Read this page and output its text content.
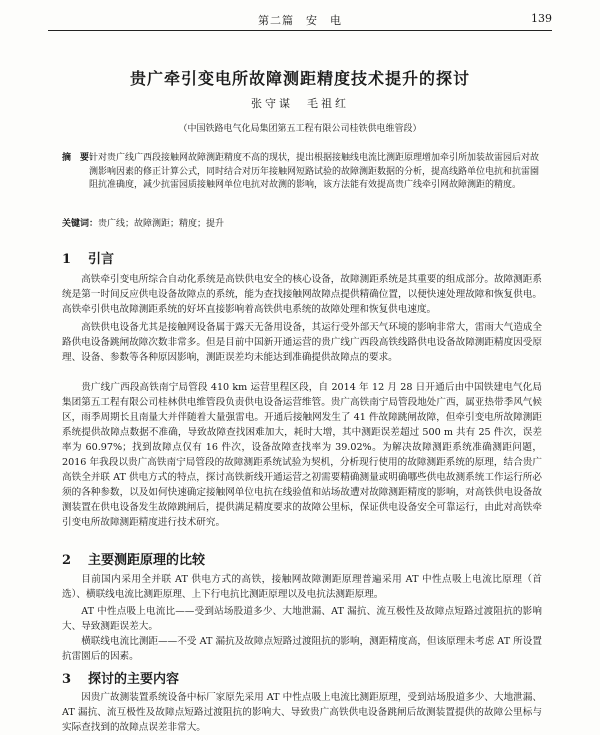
第二篇　安　电	139
贵广牵引变电所故障测距精度技术提升的探讨
张守谋　毛祖红
（中国铁路电气化局集团第五工程有限公司桂铁供电维管段）
摘　要：
针对贵广线广西段接触网故障测距精度不高的现状，提出根据接触线电流比测距原理增加牵引所加装故雷园后对故测影响因素的修正计算公式，同时结合对历年接触网短路试验的故障测距数据的分析，提高线路单位电抗和抗雷園阻抗准确度，减少抗雷园质接触网单位电抗对故测的影响，该方法能有效提高贵广线牵引网故障测距的精度。
关键词：贵广线；故障测距；精度；提升
1 引言
高铁牵引变电所综合自动化系统是高铁供电安全的核心设备，故障测距系统是其重要的组成部分。故障测距系统是第一时间反应供电设备故障点的系统，能为查找接触网故障点提供精确位置，以便快速处理故障和恢复供电。高铁牵引供电故障测距系统的好坏直接影响着高铁供电系统的故障处理和恢复供电速度。
高铁供电设备尤其是接触网设备属于露天无备用设备，其运行受外部天气环境的影响非常大，雷雨大气造成全路供电设备跳闸故障次数非常多。但是目前中国新开通运营的贵广线广西段高铁线路供电设备故障测距精度因受原理、设备、参数等各种原因影响，测距误差均未能达到准确提供故障点的要求。
贵广线广西段高铁南宁局管段 410 km 运营里程区段，自 2014 年 12 月 28 日开通后由中国铁建电气化局集团第五工程有限公司桂林供电维管段负责供电设备运营维管。贵广高铁南宁局管段地处广西，属亚热带季风气候区，雨季周期长且南量大并伴随着大量强雷电。开通后接触网发生了 41 件故障跳闸故障，但牵引变电所故障测距系统提供故障点数据不准确，导致故障查找困难加大，耗时大增，其中测距误差超过 500 m 共有 25 件次，误差率为 60.97%；找到故障点仅有 16 件次，设备故障查找率为 39.02%。为解决故障测距系统准确测距问题，2016 年我段以贵广高铁南宁局管段的故障测距系统试验为契机，分析现行使用的故障测距系统的原理，结合贵广高铁全并联 AT 供电方式的特点，探讨高铁新线开通运营之初需要精确测量或明确哪些供电故测系统工作运行所必须的各种参数，以及如何快速确定接触网单位电抗在线验值和站场故遭对故障测距精度的影响，对高铁供电设备故测装置在供电设备发生故障跳闸后，提供满足精度要求的故障公里标，保证供电设备安全可靠运行，由此对高铁牵引变电所故障测距精度进行技术研究。
2 主要测距原理的比较
目前国内采用全并联 AT 供电方式的高铁，接触网故障测距原理普遍采用 AT 中性点吸上电流比原理（首选）、横联线电流比测距原理、上下行电抗比测距原理以及电抗法测距原理。
AT 中性点吸上电流比——受到站场股道多少、大地泄漏、AT 漏抗、流互极性及故障点短路过渡阻抗的影响大、导致测距误差大。
横联线电流比测距——不受 AT 漏抗及故障点短路过渡阻抗的影响，测距精度高，但该原理未考虑 AT 所设置抗雷園后的因素。
3 探讨的主要内容
因贵广故测装置系统设备中标厂家原先采用 AT 中性点吸上电流比测距原理，受到站场股道多少、大地泄漏、AT 漏抗、流互极性及故障点短路过渡阻抗的影响大、导致贵广高铁供电设备跳闸后故测装置提供的故障公里标与实际查找到的故障点误差非常大。
